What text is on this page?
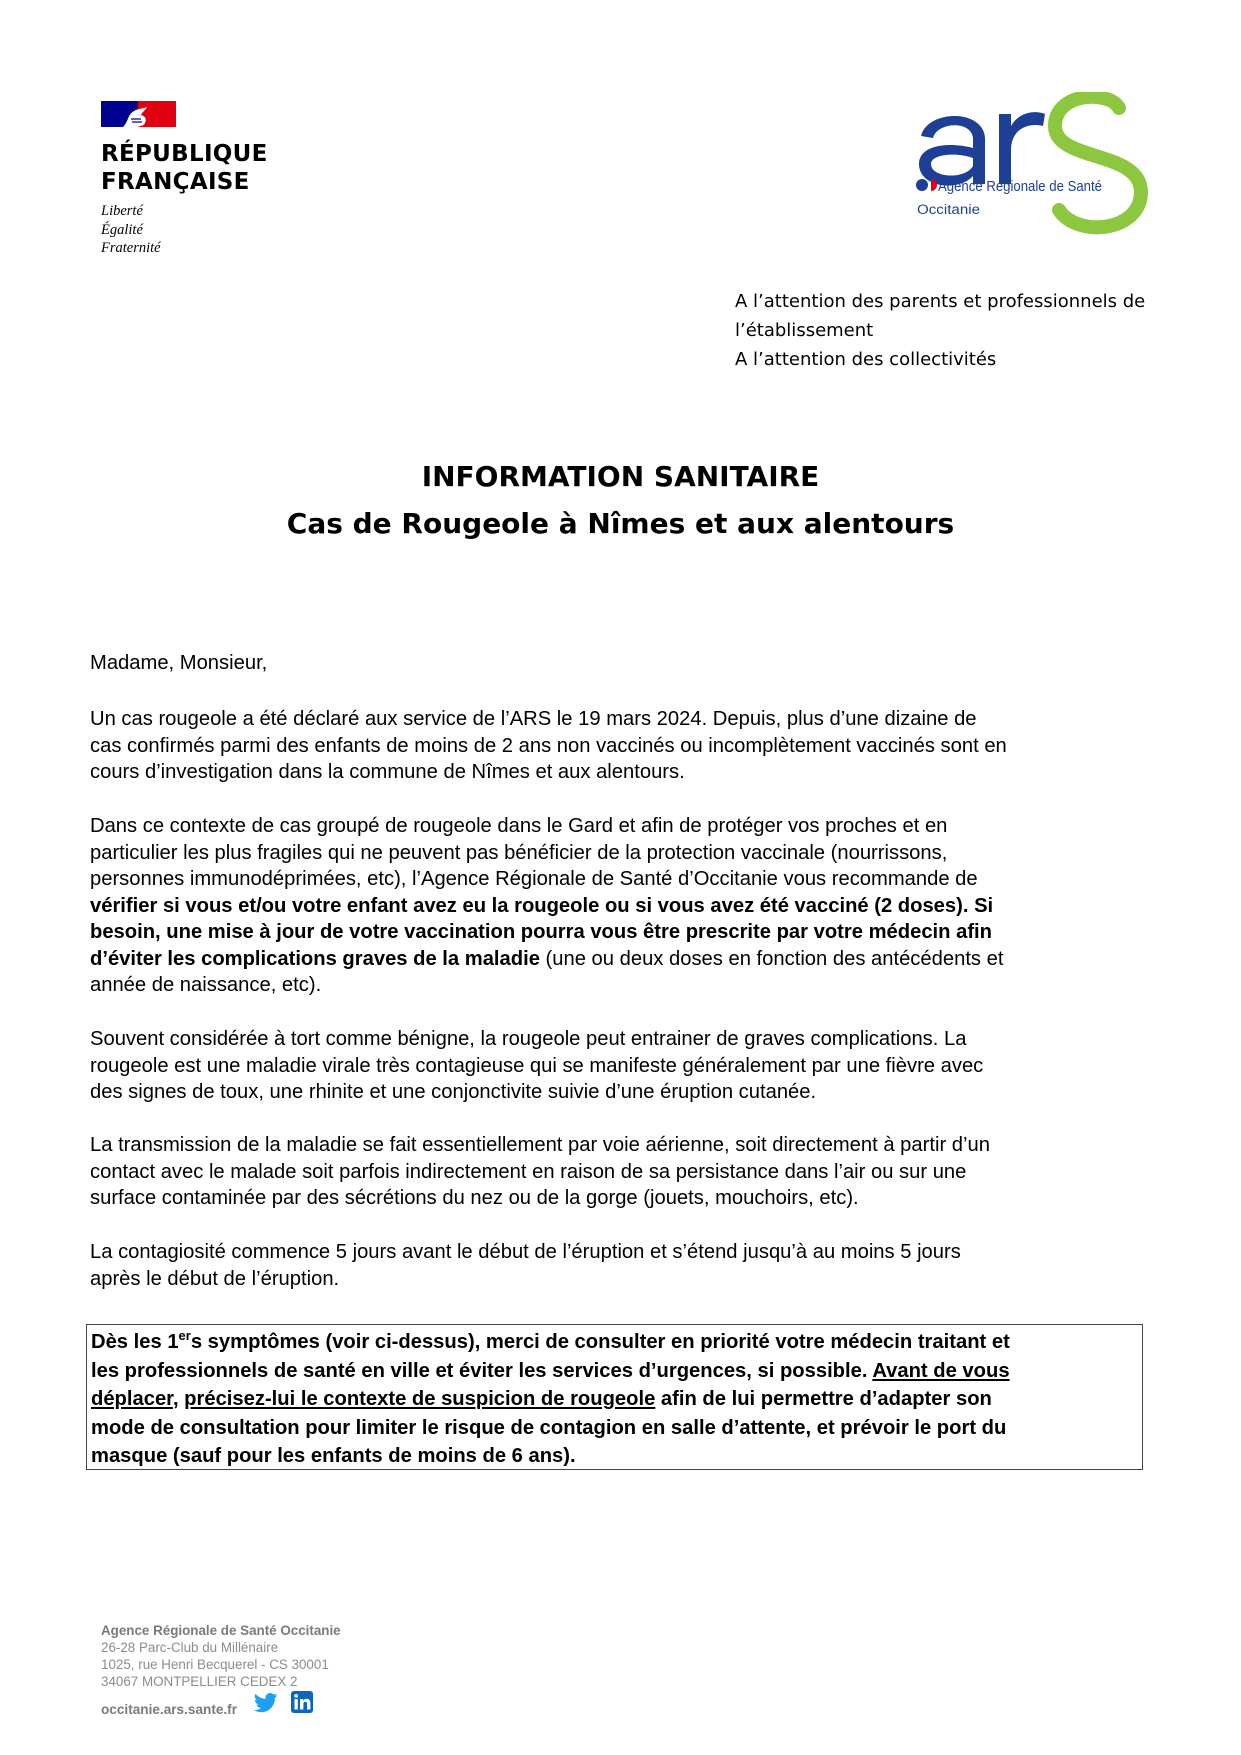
RÉPUBLIQUE
FRANÇAISE
Liberté
Égalité
Fraternité
Agence Régionale de Santé
Occitanie
A l’attention des parents et professionnels de
l’établissement
A l’attention des collectivités
INFORMATION SANITAIRE
Cas de Rougeole à Nîmes et aux alentours
Madame, Monsieur,
Un cas rougeole a été déclaré aux service de l’ARS le 19 mars 2024. Depuis, plus d’une dizaine de
cas confirmés parmi des enfants de moins de 2 ans non vaccinés ou incomplètement vaccinés sont en
cours d’investigation dans la commune de Nîmes et aux alentours.
Dans ce contexte de cas groupé de rougeole dans le Gard et afin de protéger vos proches et en
particulier les plus fragiles qui ne peuvent pas bénéficier de la protection vaccinale (nourrissons,
personnes immunodéprimées, etc), l’Agence Régionale de Santé d’Occitanie vous recommande de
vérifier si vous et/ou votre enfant avez eu la rougeole ou si vous avez été vacciné (2 doses). Si
besoin, une mise à jour de votre vaccination pourra vous être prescrite par votre médecin afin
d’éviter les complications graves de la maladie (une ou deux doses en fonction des antécédents et
année de naissance, etc).
Souvent considérée à tort comme bénigne, la rougeole peut entrainer de graves complications. La
rougeole est une maladie virale très contagieuse qui se manifeste généralement par une fièvre avec
des signes de toux, une rhinite et une conjonctivite suivie d’une éruption cutanée.
La transmission de la maladie se fait essentiellement par voie aérienne, soit directement à partir d’un
contact avec le malade soit parfois indirectement en raison de sa persistance dans l’air ou sur une
surface contaminée par des sécrétions du nez ou de la gorge (jouets, mouchoirs, etc).
La contagiosité commence 5 jours avant le début de l’éruption et s’étend jusqu’à au moins 5 jours
après le début de l’éruption.
Dès les 1ers symptômes (voir ci-dessus), merci de consulter en priorité votre médecin traitant et
les professionnels de santé en ville et éviter les services d’urgences, si possible. Avant de vous
déplacer, précisez-lui le contexte de suspicion de rougeole afin de lui permettre d’adapter son
mode de consultation pour limiter le risque de contagion en salle d’attente, et prévoir le port du
masque (sauf pour les enfants de moins de 6 ans).
Agence Régionale de Santé Occitanie
26-28 Parc-Club du Millénaire
1025, rue Henri Becquerel - CS 30001
34067 MONTPELLIER CEDEX 2
occitanie.ars.sante.fr
